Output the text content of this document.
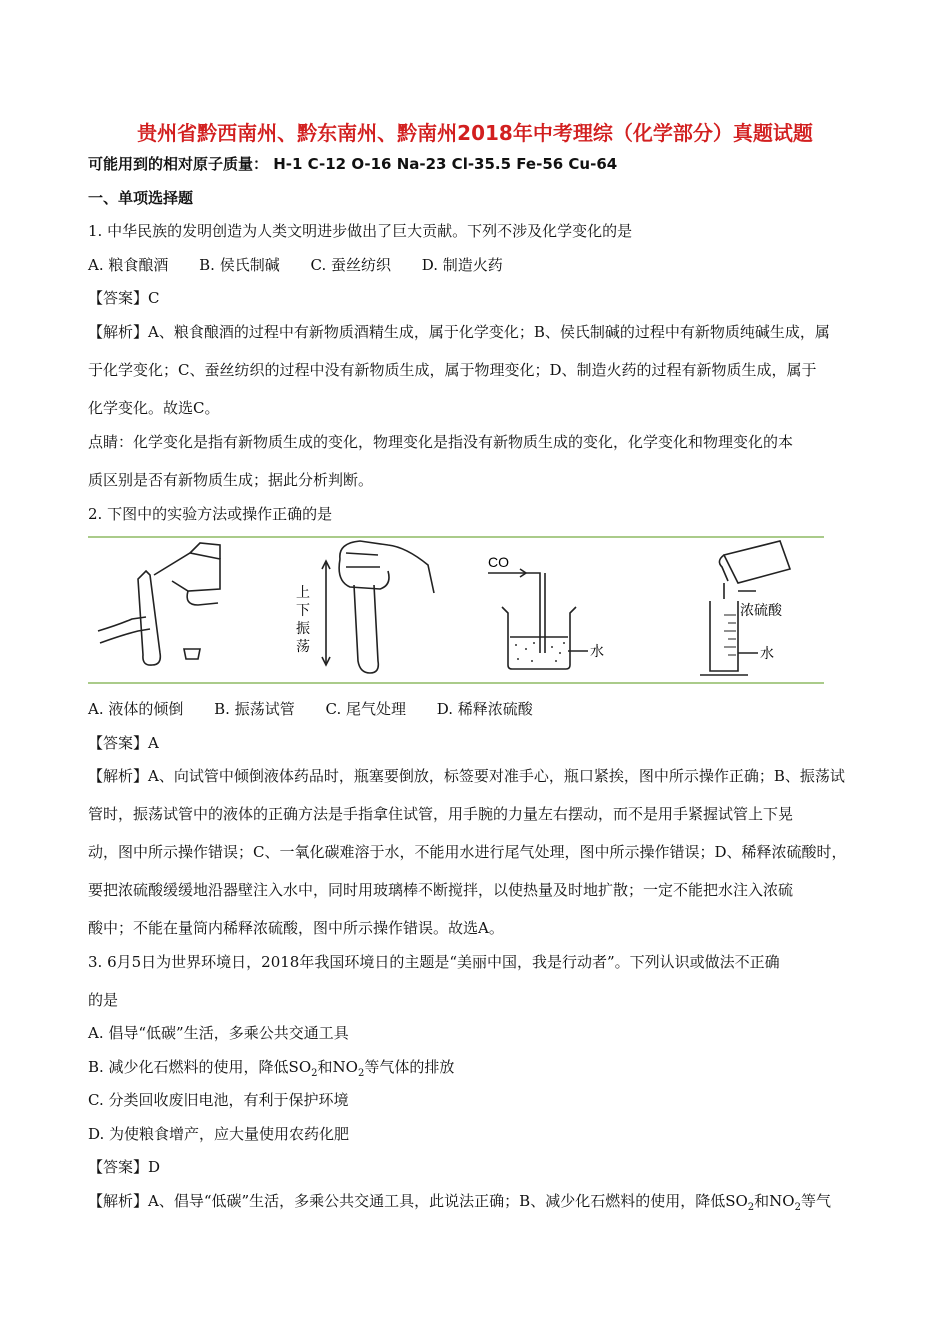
贵州省黔西南州、黔东南州、黔南州2018年中考理综（化学部分）真题试题
可能用到的相对原子质量： H-1 C-12 O-16 Na-23 Cl-35.5 Fe-56 Cu-64
一、单项选择题
1. 中华民族的发明创造为人类文明进步做出了巨大贡献。下列不涉及化学变化的是
A. 粮食酿酒 B. 侯氏制碱 C. 蚕丝纺织 D. 制造火药
【答案】C
【解析】A、粮食酿酒的过程中有新物质酒精生成，属于化学变化；B、侯氏制碱的过程中有新物质纯碱生成，属
于化学变化；C、蚕丝纺织的过程中没有新物质生成，属于物理变化；D、制造火药的过程有新物质生成，属于
化学变化。故选C。
点睛：化学变化是指有新物质生成的变化，物理变化是指没有新物质生成的变化，化学变化和物理变化的本
质区别是否有新物质生成；据此分析判断。
2. 下图中的实验方法或操作正确的是
上
下
振
荡
CO
水
浓硫酸
水
A. 液体的倾倒 B. 振荡试管 C. 尾气处理 D. 稀释浓硫酸
【答案】A
【解析】A、向试管中倾倒液体药品时，瓶塞要倒放，标签要对准手心，瓶口紧挨，图中所示操作正确；B、振荡试
管时，振荡试管中的液体的正确方法是手指拿住试管，用手腕的力量左右摆动，而不是用手紧握试管上下晃
动，图中所示操作错误；C、一氧化碳难溶于水，不能用水进行尾气处理，图中所示操作错误；D、稀释浓硫酸时，
要把浓硫酸缓缓地沿器壁注入水中，同时用玻璃棒不断搅拌，以使热量及时地扩散；一定不能把水注入浓硫
酸中；不能在量筒内稀释浓硫酸，图中所示操作错误。故选A。
3. 6月5日为世界环境日，2018年我国环境日的主题是“美丽中国，我是行动者”。下列认识或做法不正确
的是
A. 倡导“低碳”生活，多乘公共交通工具
B. 减少化石燃料的使用，降低$SO_2$和$NO_2$等气体的排放
C. 分类回收废旧电池，有利于保护环境
D. 为使粮食增产，应大量使用农药化肥
【答案】D
【解析】A、倡导“低碳”生活，多乘公共交通工具，此说法正确；B、减少化石燃料的使用，降低$SO_2$和$NO_2$等气
